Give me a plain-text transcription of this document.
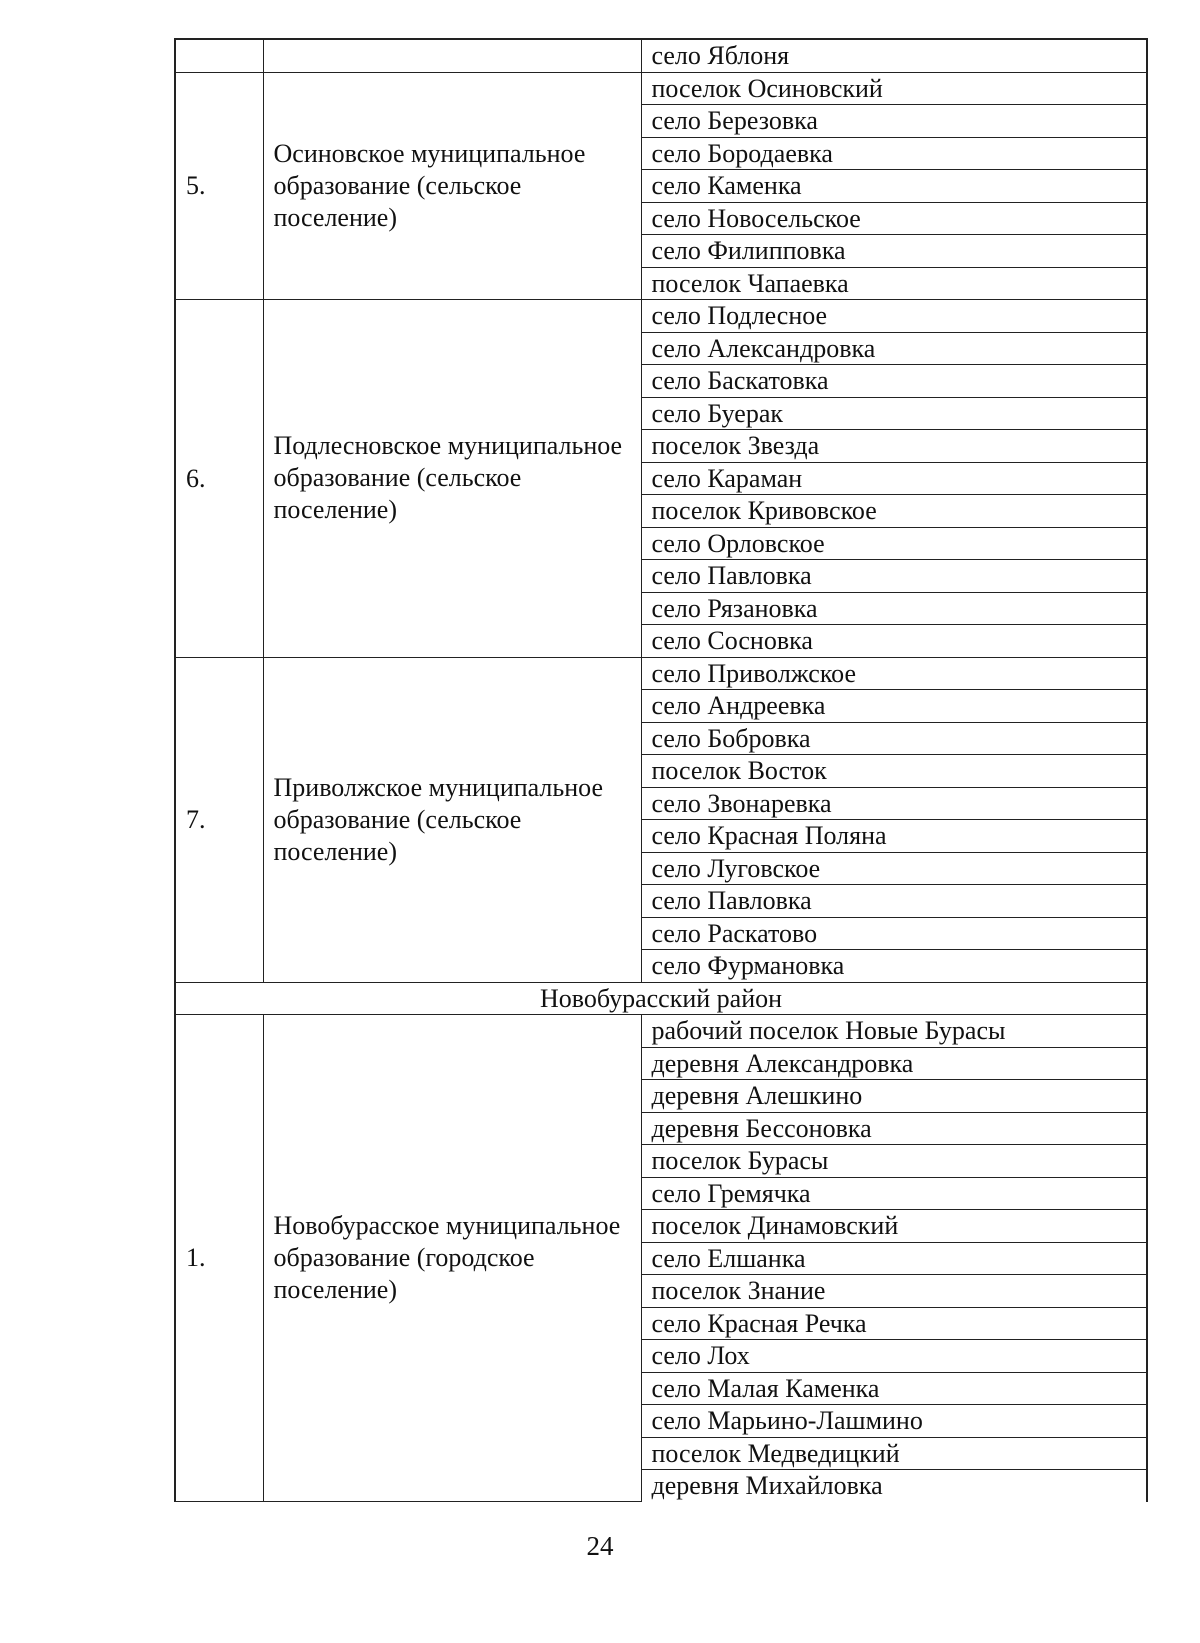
		село Яблоня
5.	Осиновское муниципальное образование (сельское поселение)	поселок Осиновский
		село Березовка
		село Бородаевка
		село Каменка
		село Новосельское
		село Филипповка
		поселок Чапаевка
6.	Подлесновское муниципальное образование (сельское поселение)	село Подлесное
		село Александровка
		село Баскатовка
		село Буерак
		поселок Звезда
		село Караман
		поселок Кривовское
		село Орловское
		село Павловка
		село Рязановка
		село Сосновка
7.	Приволжское муниципальное образование (сельское поселение)	село Приволжское
		село Андреевка
		село Бобровка
		поселок Восток
		село Звонаревка
		село Красная Поляна
		село Луговское
		село Павловка
		село Раскатово
		село Фурмановка
Новобурасский район		
1.	Новобурасское муниципальное образование (городское поселение)	рабочий поселок Новые Бурасы
		деревня Александровка
		деревня Алешкино
		деревня Бессоновка
		поселок Бурасы
		село Гремячка
		поселок Динамовский
		село Елшанка
		поселок Знание
		село Красная Речка
		село Лох
		село Малая Каменка
		село Марьино-Лашмино
		поселок Медведицкий
		деревня Михайловка
24
